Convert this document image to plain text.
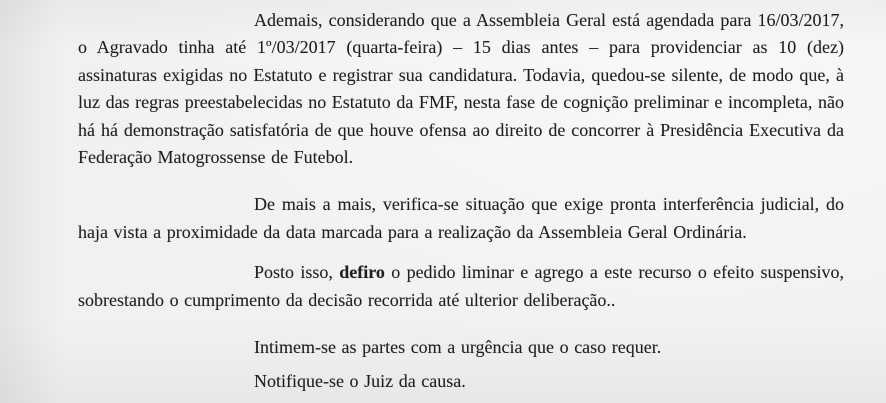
Ademais, considerando que a Assembleia Geral está agendada para 16/03/2017, o Agravado tinha até 1º/03/2017 (quarta-feira) – 15 dias antes – para providenciar as 10 (dez) assinaturas exigidas no Estatuto e registrar sua candidatura. Todavia, quedou-se silente, de modo que, à luz das regras preestabelecidas no Estatuto da FMF, nesta fase de cognição preliminar e incompleta, não há há demonstração satisfatória de que houve ofensa ao direito de concorrer à Presidência Executiva da Federação Matogrossense de Futebol.

De mais a mais, verifica-se situação que exige pronta interferência judicial, do haja vista a proximidade da data marcada para a realização da Assembleia Geral Ordinária.

Posto isso, defiro o pedido liminar e agrego a este recurso o efeito suspensivo, sobrestando o cumprimento da decisão recorrida até ulterior deliberação..

Intimem-se as partes com a urgência que o caso requer.

Notifique-se o Juiz da causa.
